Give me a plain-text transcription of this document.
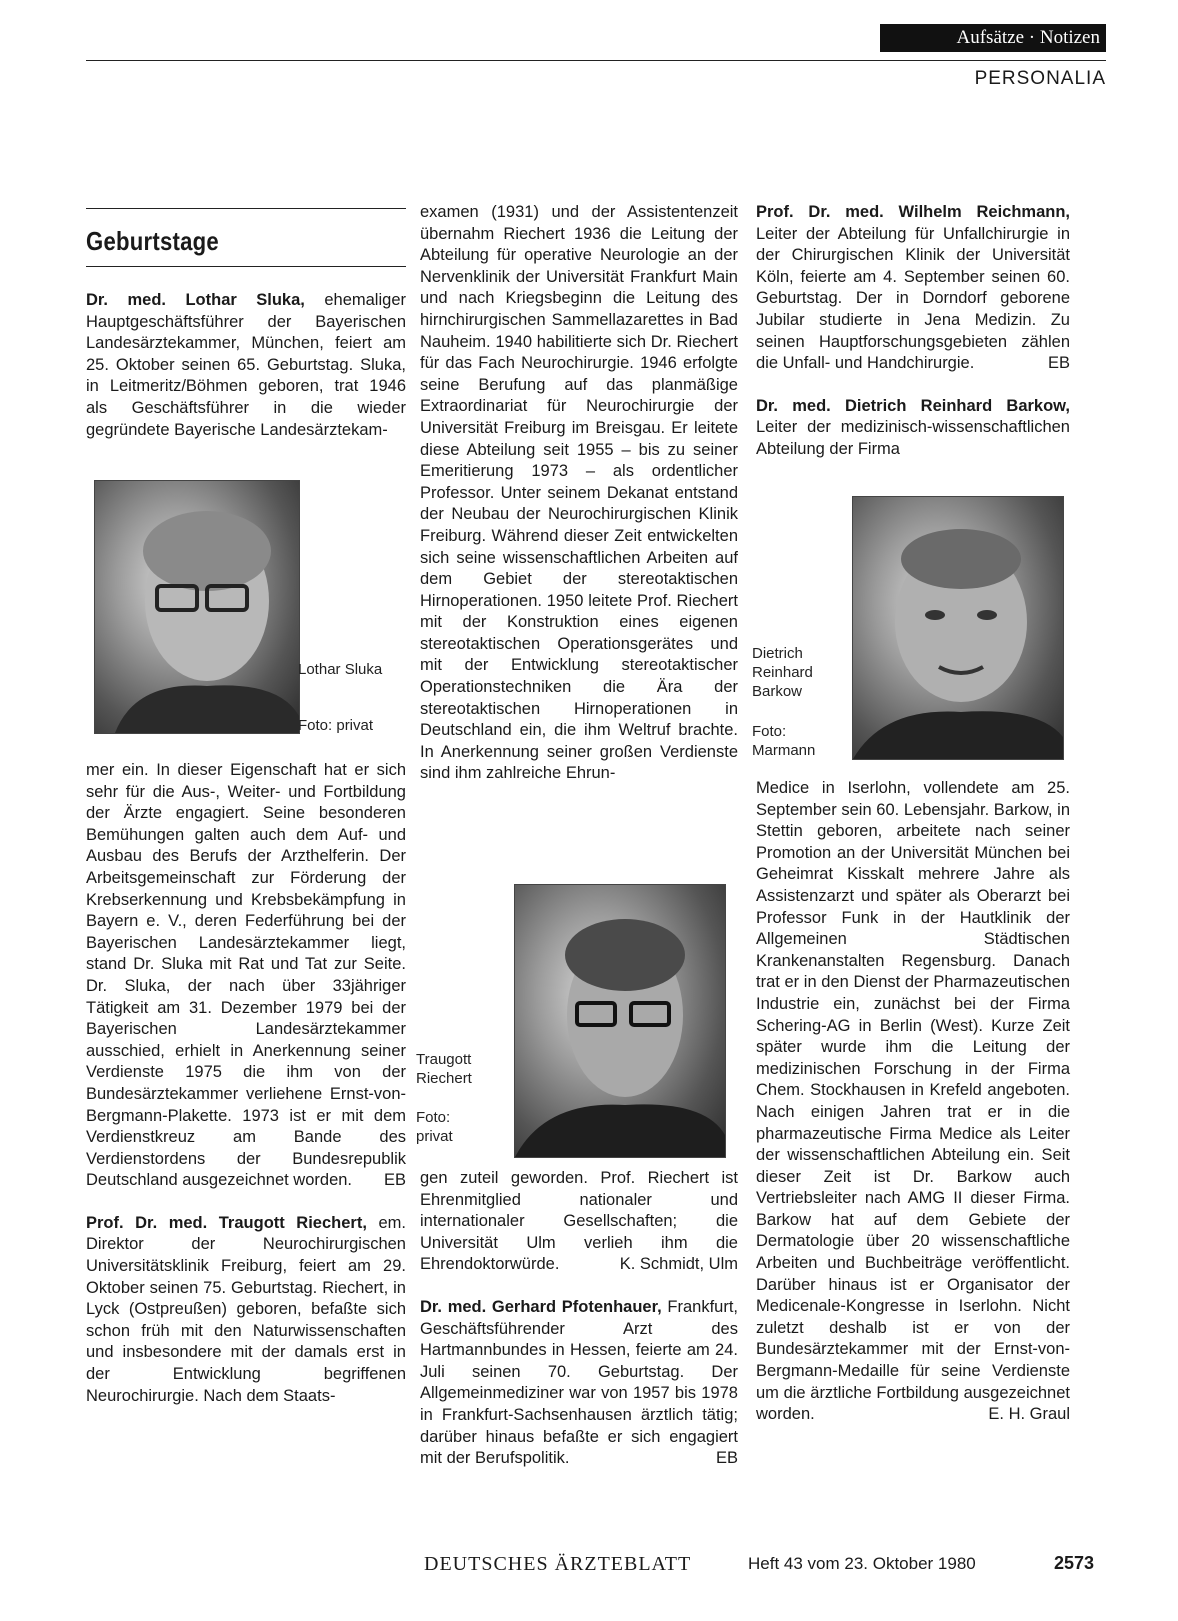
Aufsätze · Notizen
PERSONALIA
Geburtstage

Dr. med. Lothar Sluka, ehemaliger Hauptgeschäftsführer der Bayerischen Landesärztekammer, München, feiert am 25. Oktober seinen 65. Geburtstag. Sluka, in Leitmeritz/Böhmen geboren, trat 1946 als Geschäftsführer in die wieder gegründete Bayerische Landesärztekam-

Lothar Sluka
Foto: privat
mer ein. In dieser Eigenschaft hat er sich sehr für die Aus-, Weiter- und Fortbildung der Ärzte engagiert. Seine besonderen Bemühungen galten auch dem Auf- und Ausbau des Berufs der Arzthelferin. Der Arbeitsgemeinschaft zur Förderung der Krebserkennung und Krebsbekämpfung in Bayern e. V., deren Federführung bei der Bayerischen Landesärztekammer liegt, stand Dr. Sluka mit Rat und Tat zur Seite. Dr. Sluka, der nach über 33jähriger Tätigkeit am 31. Dezember 1979 bei der Bayerischen Landesärztekammer ausschied, erhielt in Anerkennung seiner Verdienste 1975 die ihm von der Bundesärztekammer verliehene Ernst-von-Bergmann-Plakette. 1973 ist er mit dem Verdienstkreuz am Bande des Verdienstordens der Bundesrepublik Deutschland ausgezeichnet worden. EB
Prof. Dr. med. Traugott Riechert, em. Direktor der Neurochirurgischen Universitätsklinik Freiburg, feiert am 29. Oktober seinen 75. Geburtstag. Riechert, in Lyck (Ostpreußen) geboren, befaßte sich schon früh mit den Naturwissenschaften und insbesondere mit der damals erst in der Entwicklung begriffenen Neurochirurgie. Nach dem Staats-

examen (1931) und der Assistentenzeit übernahm Riechert 1936 die Leitung der Abteilung für operative Neurologie an der Nervenklinik der Universität Frankfurt Main und nach Kriegsbeginn die Leitung des hirnchirurgischen Sammellazarettes in Bad Nauheim. 1940 habilitierte sich Dr. Riechert für das Fach Neurochirurgie. 1946 erfolgte seine Berufung auf das planmäßige Extraordinariat für Neurochirurgie der Universität Freiburg im Breisgau. Er leitete diese Abteilung seit 1955 – bis zu seiner Emeritierung 1973 – als ordentlicher Professor. Unter seinem Dekanat entstand der Neubau der Neurochirurgischen Klinik Freiburg. Während dieser Zeit entwickelten sich seine wissenschaftlichen Arbeiten auf dem Gebiet der stereotaktischen Hirnoperationen. 1950 leitete Prof. Riechert mit der Konstruktion eines eigenen stereotaktischen Operationsgerätes und mit der Entwicklung stereotaktischer Operationstechniken die Ära der stereotaktischen Hirnoperationen in Deutschland ein, die ihm Weltruf brachte. In Anerkennung seiner großen Verdienste sind ihm zahlreiche Ehrun-

Traugott
Riechert
Foto:
privat
gen zuteil geworden. Prof. Riechert ist Ehrenmitglied nationaler und internationaler Gesellschaften; die Universität Ulm verlieh ihm die Ehrendoktorwürde.	K. Schmidt, Ulm
Dr. med. Gerhard Pfotenhauer, Frankfurt, Geschäftsführender Arzt des Hartmannbundes in Hessen, feierte am 24. Juli seinen 70. Geburtstag. Der Allgemeinmediziner war von 1957 bis 1978 in Frankfurt-Sachsenhausen ärztlich tätig; darüber hinaus befaßte er sich engagiert mit der Berufspolitik.	EB
Prof. Dr. med. Wilhelm Reichmann, Leiter der Abteilung für Unfallchirurgie in der Chirurgischen Klinik der Universität Köln, feierte am 4. September seinen 60. Geburtstag. Der in Dorndorf geborene Jubilar studierte in Jena Medizin. Zu seinen Hauptforschungsgebieten zählen die Unfall- und Handchirurgie.	EB
Dr. med. Dietrich Reinhard Barkow, Leiter der medizinisch-wissenschaftlichen Abteilung der Firma
Dietrich
Reinhard
Barkow
Foto:
Marmann
Medice in Iserlohn, vollendete am 25. September sein 60. Lebensjahr. Barkow, in Stettin geboren, arbeitete nach seiner Promotion an der Universität München bei Geheimrat Kisskalt mehrere Jahre als Assistenzarzt und später als Oberarzt bei Professor Funk in der Hautklinik der Allgemeinen Städtischen Krankenanstalten Regensburg. Danach trat er in den Dienst der Pharmazeutischen Industrie ein, zunächst bei der Firma Schering-AG in Berlin (West). Kurze Zeit später wurde ihm die Leitung der medizinischen Forschung in der Firma Chem. Stockhausen in Krefeld angeboten. Nach einigen Jahren trat er in die pharmazeutische Firma Medice als Leiter der wissenschaftlichen Abteilung ein. Seit dieser Zeit ist Dr. Barkow auch Vertriebsleiter nach AMG II dieser Firma. Barkow hat auf dem Gebiete der Dermatologie über 20 wissenschaftliche Arbeiten und Buchbeiträge veröffentlicht. Darüber hinaus ist er Organisator der Medicenale-Kongresse in Iserlohn. Nicht zuletzt deshalb ist er von der Bundesärztekammer mit der Ernst-von-Bergmann-Medaille für seine Verdienste um die ärztliche Fortbildung ausgezeichnet worden.	E. H. Graul
DEUTSCHES ÄRZTEBLATT	Heft 43 vom 23. Oktober 1980	2573
